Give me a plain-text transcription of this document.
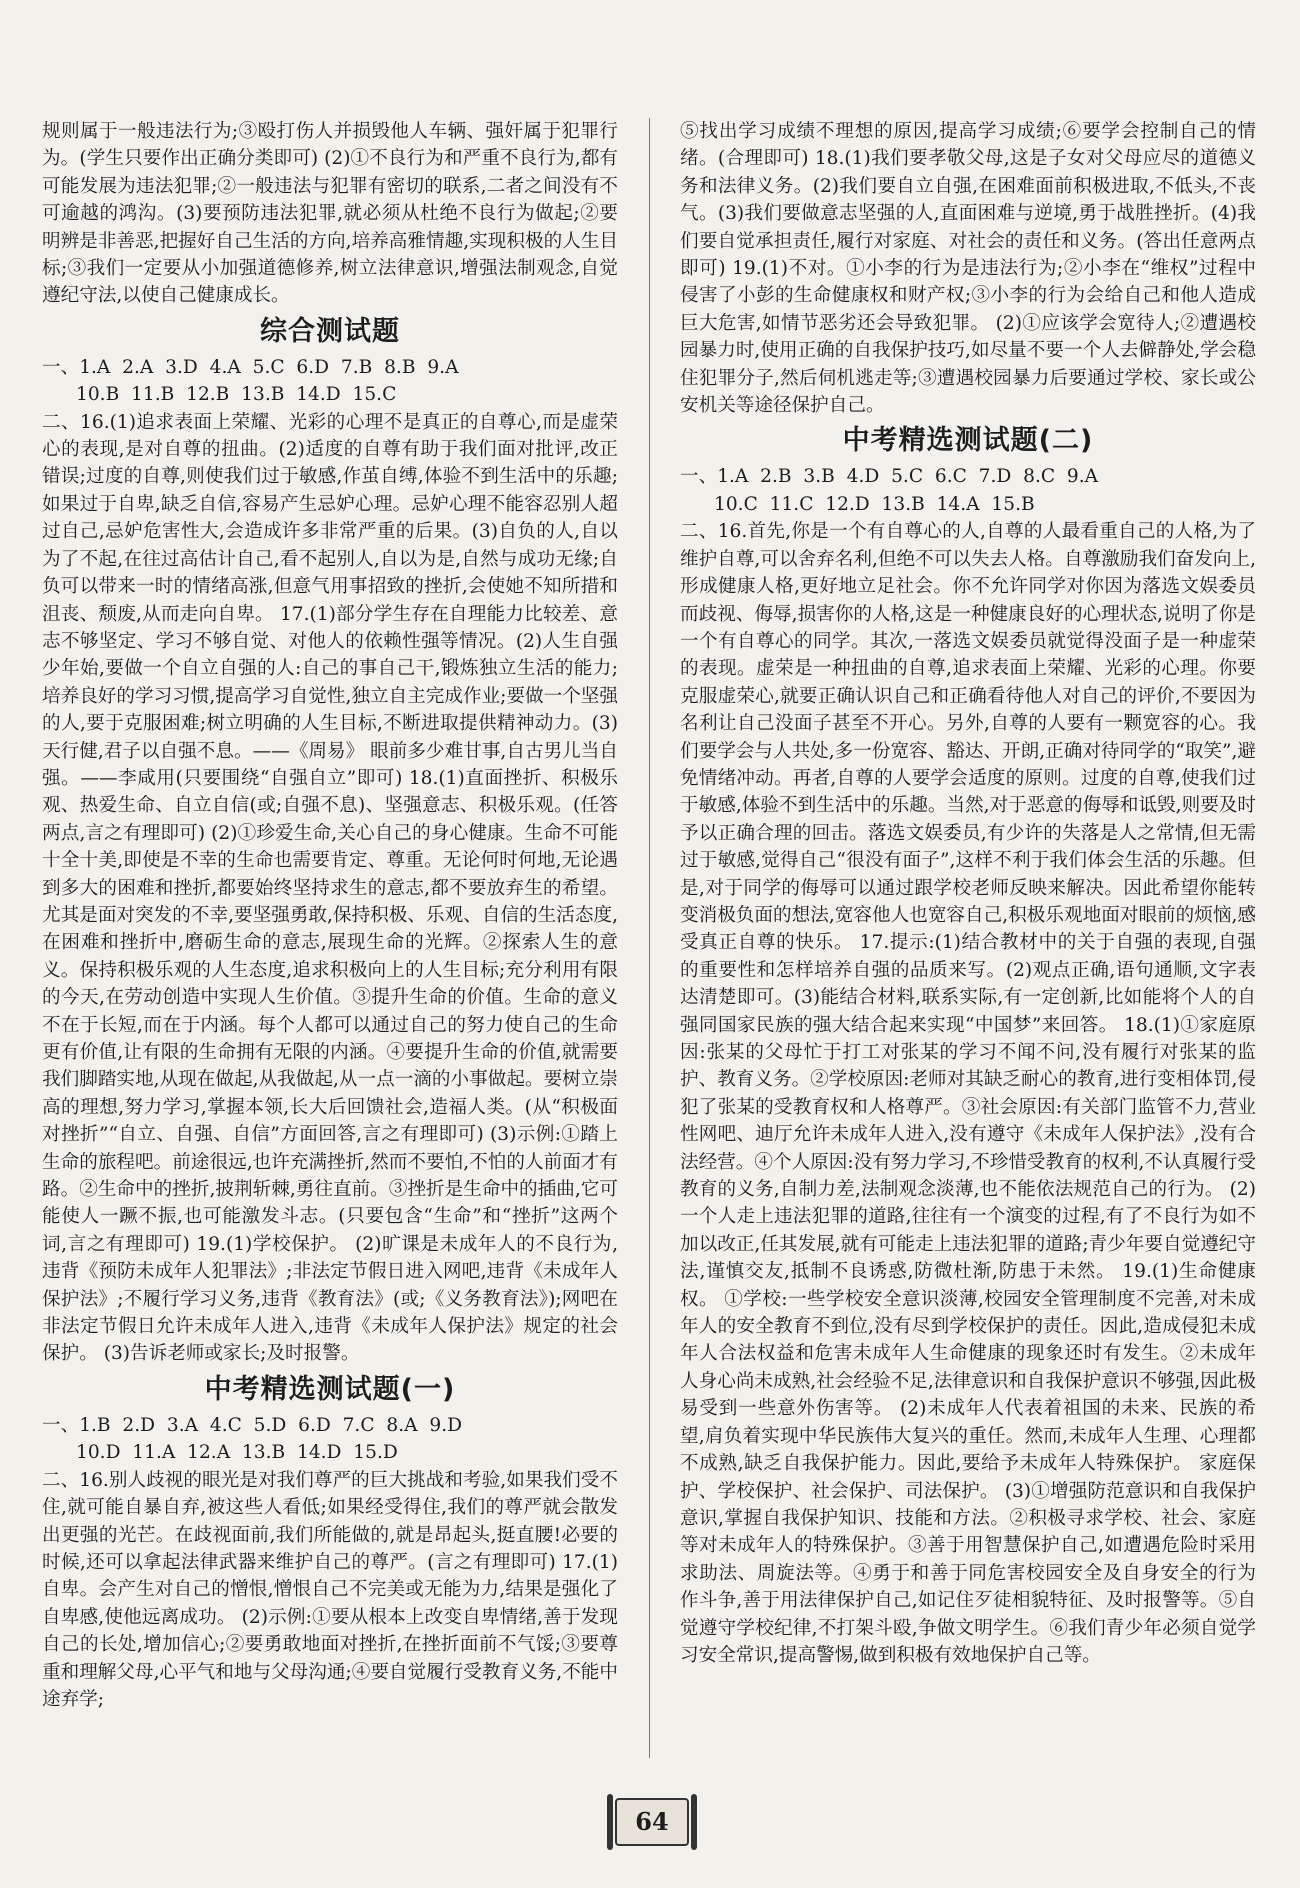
规则属于一般违法行为;③殴打伤人并损毁他人车辆、强奸属于犯罪行为。(学生只要作出正确分类即可) (2)①不良行为和严重不良行为,都有可能发展为违法犯罪;②一般违法与犯罪有密切的联系,二者之间没有不可逾越的鸿沟。(3)要预防违法犯罪,就必须从杜绝不良行为做起;②要明辨是非善恶,把握好自己生活的方向,培养高雅情趣,实现积极的人生目标;③我们一定要从小加强道德修养,树立法律意识,增强法制观念,自觉遵纪守法,以使自己健康成长。

综合测试题

一、1.A  2.A  3.D  4.A  5.C  6.D  7.B  8.B  9.A

10.B  11.B  12.B  13.B  14.D  15.C

二、16.(1)追求表面上荣耀、光彩的心理不是真正的自尊心,而是虚荣心的表现,是对自尊的扭曲。(2)适度的自尊有助于我们面对批评,改正错误;过度的自尊,则使我们过于敏感,作茧自缚,体验不到生活中的乐趣;如果过于自卑,缺乏自信,容易产生忌妒心理。忌妒心理不能容忍别人超过自己,忌妒危害性大,会造成许多非常严重的后果。(3)自负的人,自以为了不起,在往过高估计自己,看不起别人,自以为是,自然与成功无缘;自负可以带来一时的情绪高涨,但意气用事招致的挫折,会使她不知所措和沮丧、颓废,从而走向自卑。 17.(1)部分学生存在自理能力比较差、意志不够坚定、学习不够自觉、对他人的依赖性强等情况。(2)人生自强少年始,要做一个自立自强的人:自己的事自己干,锻炼独立生活的能力;培养良好的学习习惯,提高学习自觉性,独立自主完成作业;要做一个坚强的人,要于克服困难;树立明确的人生目标,不断进取提供精神动力。(3)天行健,君子以自强不息。——《周易》 眼前多少难甘事,自古男儿当自强。——李咸用(只要围绕“自强自立”即可) 18.(1)直面挫折、积极乐观、热爱生命、自立自信(或;自强不息)、坚强意志、积极乐观。(任答两点,言之有理即可) (2)①珍爱生命,关心自己的身心健康。生命不可能十全十美,即使是不幸的生命也需要肯定、尊重。无论何时何地,无论遇到多大的困难和挫折,都要始终坚持求生的意志,都不要放弃生的希望。尤其是面对突发的不幸,要坚强勇敢,保持积极、乐观、自信的生活态度,在困难和挫折中,磨砺生命的意志,展现生命的光辉。②探索人生的意义。保持积极乐观的人生态度,追求积极向上的人生目标;充分利用有限的今天,在劳动创造中实现人生价值。③提升生命的价值。生命的意义不在于长短,而在于内涵。每个人都可以通过自己的努力使自己的生命更有价值,让有限的生命拥有无限的内涵。④要提升生命的价值,就需要我们脚踏实地,从现在做起,从我做起,从一点一滴的小事做起。要树立崇高的理想,努力学习,掌握本领,长大后回馈社会,造福人类。(从“积极面对挫折”“自立、自强、自信”方面回答,言之有理即可) (3)示例:①踏上生命的旅程吧。前途很远,也许充满挫折,然而不要怕,不怕的人前面才有路。②生命中的挫折,披荆斩棘,勇往直前。③挫折是生命中的插曲,它可能使人一蹶不振,也可能激发斗志。(只要包含“生命”和“挫折”这两个词,言之有理即可) 19.(1)学校保护。 (2)旷课是未成年人的不良行为,违背《预防未成年人犯罪法》;非法定节假日进入网吧,违背《未成年人保护法》;不履行学习义务,违背《教育法》(或;《义务教育法》);网吧在非法定节假日允许未成年人进入,违背《未成年人保护法》规定的社会保护。 (3)告诉老师或家长;及时报警。

中考精选测试题(一)

一、1.B  2.D  3.A  4.C  5.D  6.D  7.C  8.A  9.D

10.D  11.A  12.A  13.B  14.D  15.D

二、16.别人歧视的眼光是对我们尊严的巨大挑战和考验,如果我们受不住,就可能自暴自弃,被这些人看低;如果经受得住,我们的尊严就会散发出更强的光芒。在歧视面前,我们所能做的,就是昂起头,挺直腰!必要的时候,还可以拿起法律武器来维护自己的尊严。(言之有理即可) 17.(1)自卑。会产生对自己的憎恨,憎恨自己不完美或无能为力,结果是强化了自卑感,使他远离成功。 (2)示例:①要从根本上改变自卑情绪,善于发现自己的长处,增加信心;②要勇敢地面对挫折,在挫折面前不气馁;③要尊重和理解父母,心平气和地与父母沟通;④要自觉履行受教育义务,不能中途弃学;

⑤找出学习成绩不理想的原因,提高学习成绩;⑥要学会控制自己的情绪。(合理即可) 18.(1)我们要孝敬父母,这是子女对父母应尽的道德义务和法律义务。(2)我们要自立自强,在困难面前积极进取,不低头,不丧气。(3)我们要做意志坚强的人,直面困难与逆境,勇于战胜挫折。(4)我们要自觉承担责任,履行对家庭、对社会的责任和义务。(答出任意两点即可) 19.(1)不对。①小李的行为是违法行为;②小李在“维权”过程中侵害了小彭的生命健康权和财产权;③小李的行为会给自己和他人造成巨大危害,如情节恶劣还会导致犯罪。 (2)①应该学会宽待人;②遭遇校园暴力时,使用正确的自我保护技巧,如尽量不要一个人去僻静处,学会稳住犯罪分子,然后伺机逃走等;③遭遇校园暴力后要通过学校、家长或公安机关等途径保护自己。

中考精选测试题(二)

一、1.A  2.B  3.B  4.D  5.C  6.C  7.D  8.C  9.A

10.C  11.C  12.D  13.B  14.A  15.B

二、16.首先,你是一个有自尊心的人,自尊的人最看重自己的人格,为了维护自尊,可以舍弃名利,但绝不可以失去人格。自尊激励我们奋发向上,形成健康人格,更好地立足社会。你不允许同学对你因为落选文娱委员而歧视、侮辱,损害你的人格,这是一种健康良好的心理状态,说明了你是一个有自尊心的同学。其次,一落选文娱委员就觉得没面子是一种虚荣的表现。虚荣是一种扭曲的自尊,追求表面上荣耀、光彩的心理。你要克服虚荣心,就要正确认识自己和正确看待他人对自己的评价,不要因为名利让自己没面子甚至不开心。另外,自尊的人要有一颗宽容的心。我们要学会与人共处,多一份宽容、豁达、开朗,正确对待同学的“取笑”,避免情绪冲动。再者,自尊的人要学会适度的原则。过度的自尊,使我们过于敏感,体验不到生活中的乐趣。当然,对于恶意的侮辱和诋毁,则要及时予以正确合理的回击。落选文娱委员,有少许的失落是人之常情,但无需过于敏感,觉得自己“很没有面子”,这样不利于我们体会生活的乐趣。但是,对于同学的侮辱可以通过跟学校老师反映来解决。因此希望你能转变消极负面的想法,宽容他人也宽容自己,积极乐观地面对眼前的烦恼,感受真正自尊的快乐。 17.提示:(1)结合教材中的关于自强的表现,自强的重要性和怎样培养自强的品质来写。(2)观点正确,语句通顺,文字表达清楚即可。(3)能结合材料,联系实际,有一定创新,比如能将个人的自强同国家民族的强大结合起来实现“中国梦”来回答。 18.(1)①家庭原因:张某的父母忙于打工对张某的学习不闻不问,没有履行对张某的监护、教育义务。②学校原因:老师对其缺乏耐心的教育,进行变相体罚,侵犯了张某的受教育权和人格尊严。③社会原因:有关部门监管不力,营业性网吧、迪厅允许未成年人进入,没有遵守《未成年人保护法》,没有合法经营。④个人原因:没有努力学习,不珍惜受教育的权利,不认真履行受教育的义务,自制力差,法制观念淡薄,也不能依法规范自己的行为。 (2)一个人走上违法犯罪的道路,往往有一个演变的过程,有了不良行为如不加以改正,任其发展,就有可能走上违法犯罪的道路;青少年要自觉遵纪守法,谨慎交友,抵制不良诱惑,防微杜渐,防患于未然。 19.(1)生命健康权。 ①学校:一些学校安全意识淡薄,校园安全管理制度不完善,对未成年人的安全教育不到位,没有尽到学校保护的责任。因此,造成侵犯未成年人合法权益和危害未成年人生命健康的现象还时有发生。②未成年人身心尚未成熟,社会经验不足,法律意识和自我保护意识不够强,因此极易受到一些意外伤害等。 (2)未成年人代表着祖国的未来、民族的希望,肩负着实现中华民族伟大复兴的重任。然而,未成年人生理、心理都不成熟,缺乏自我保护能力。因此,要给予未成年人特殊保护。 家庭保护、学校保护、社会保护、司法保护。 (3)①增强防范意识和自我保护意识,掌握自我保护知识、技能和方法。②积极寻求学校、社会、家庭等对未成年人的特殊保护。③善于用智慧保护自己,如遭遇危险时采用求助法、周旋法等。④勇于和善于同危害校园安全及自身安全的行为作斗争,善于用法律保护自己,如记住歹徒相貌特征、及时报警等。⑤自觉遵守学校纪律,不打架斗殴,争做文明学生。⑥我们青少年必须自觉学习安全常识,提高警惕,做到积极有效地保护自己等。

64
